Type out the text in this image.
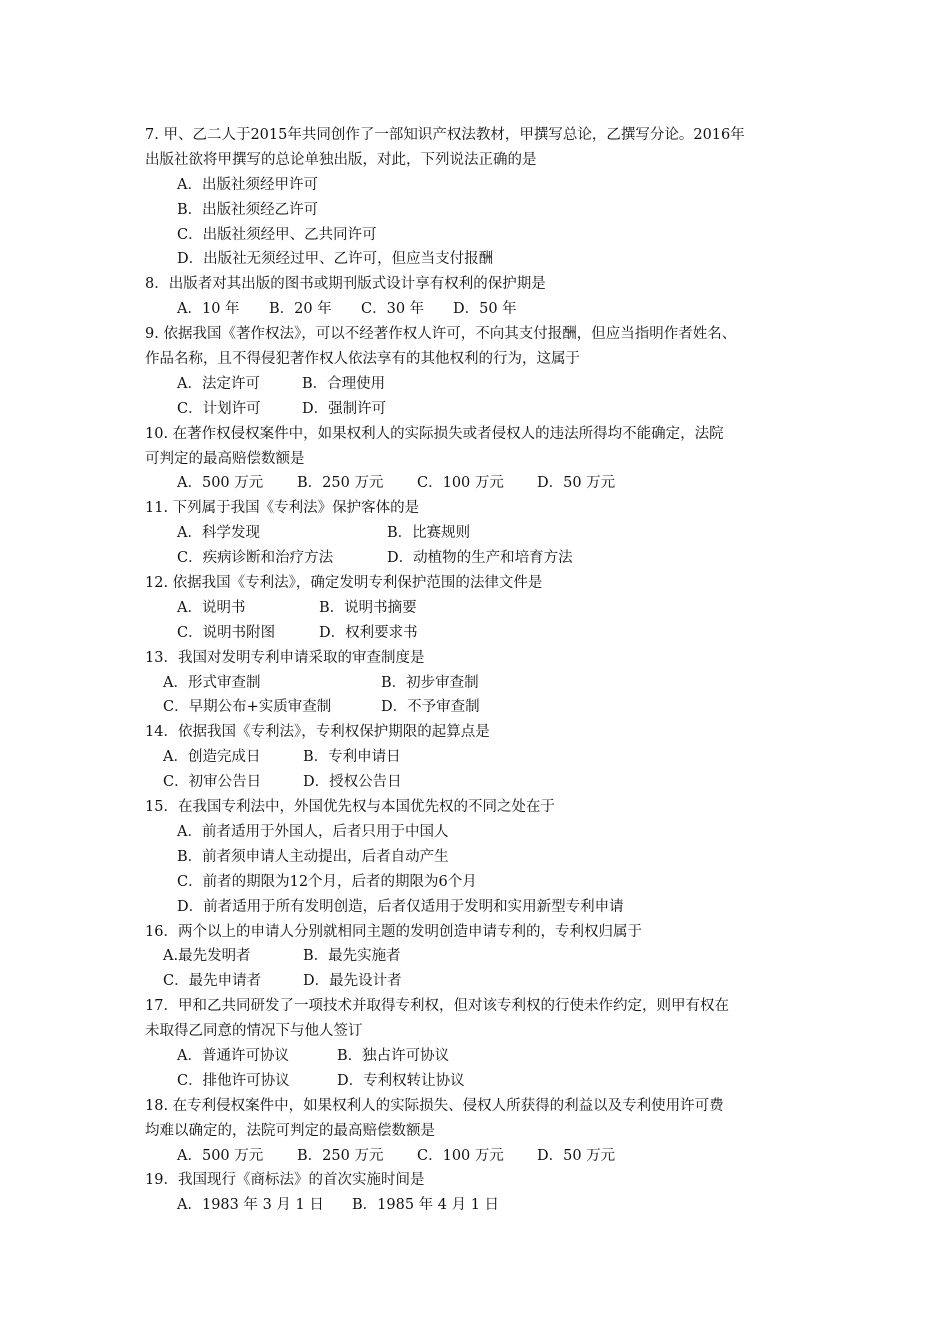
7. 甲、乙二人于2015年共同创作了一部知识产权法教材，甲撰写总论，乙撰写分论。2016年
出版社欲将甲撰写的总论单独出版，对此，下列说法正确的是
A．出版社须经甲许可
B．出版社须经乙许可
C．出版社须经甲、乙共同许可
D．出版社无须经过甲、乙许可，但应当支付报酬
8．出版者对其出版的图书或期刊版式设计享有权利的保护期是
A．10 年 B．20 年 C．30 年 D．50 年
9. 依据我国《著作权法》，可以不经著作权人许可，不向其支付报酬，但应当指明作者姓名、
作品名称，且不得侵犯著作权人依法享有的其他权利的行为，这属于
A．法定许可	B．合理使用
C．计划许可	D．强制许可
10. 在著作权侵权案件中，如果权利人的实际损失或者侵权人的违法所得均不能确定，法院
可判定的最高赔偿数额是
A．500 万元 B．250 万元 C．100 万元 D．50 万元
11. 下列属于我国《专利法》保护客体的是
A．科学发现	B．比赛规则
C．疾病诊断和治疗方法	D．动植物的生产和培育方法
12. 依据我国《专利法》，确定发明专利保护范围的法律文件是
A．说明书	B．说明书摘要
C．说明书附图	D．权利要求书
13．我国对发明专利申请采取的审查制度是
A．形式审查制	B．初步审查制
C．早期公布+实质审查制	D．不予审查制
14．依据我国《专利法》，专利权保护期限的起算点是
A．创造完成日	B．专利申请日
C．初审公告日	D．授权公告日
15．在我国专利法中，外国优先权与本国优先权的不同之处在于
A．前者适用于外国人，后者只用于中国人
B．前者须申请人主动提出，后者自动产生
C．前者的期限为12个月，后者的期限为6个月
D．前者适用于所有发明创造，后者仅适用于发明和实用新型专利申请
16．两个以上的申请人分别就相同主题的发明创造申请专利的，专利权归属于
A.最先发明者	B．最先实施者
C．最先申请者	D．最先设计者
17．甲和乙共同研发了一项技术并取得专利权，但对该专利权的行使未作约定，则甲有权在
未取得乙同意的情况下与他人签订
A．普通许可协议	B．独占许可协议
C．排他许可协议	D．专利权转让协议
18. 在专利侵权案件中，如果权利人的实际损失、侵权人所获得的利益以及专利使用许可费
均难以确定的，法院可判定的最高赔偿数额是
A．500 万元 B．250 万元 C．100 万元 D．50 万元
19．我国现行《商标法》的首次实施时间是
A．1983 年 3 月 1 日 B．1985 年 4 月 1 日
